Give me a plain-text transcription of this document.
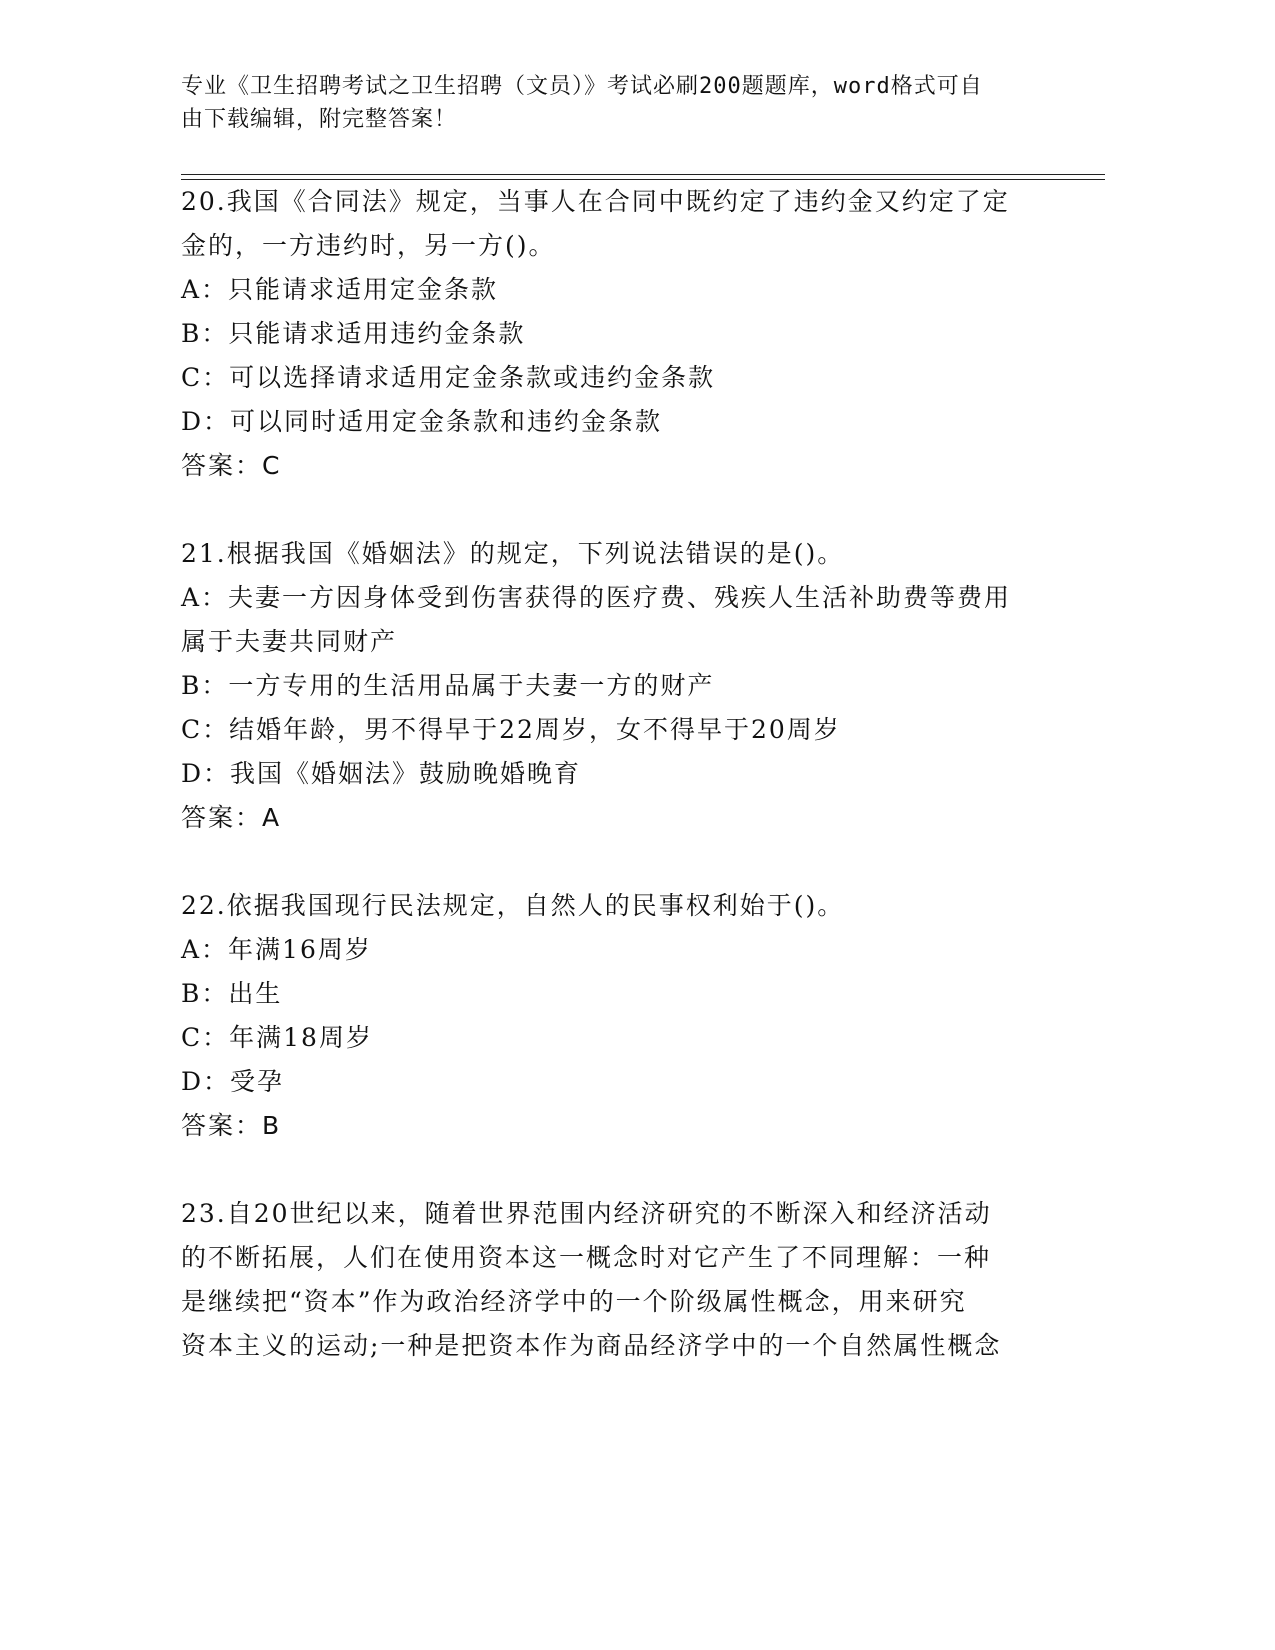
专业《卫生招聘考试之卫生招聘（文员）》考试必刷200题题库，word格式可自
由下载编辑，附完整答案！
20.我国《合同法》规定，当事人在合同中既约定了违约金又约定了定
金的，一方违约时，另一方()。
A：只能请求适用定金条款
B：只能请求适用违约金条款
C：可以选择请求适用定金条款或违约金条款
D：可以同时适用定金条款和违约金条款
答案：C
21.根据我国《婚姻法》的规定，下列说法错误的是()。
A：夫妻一方因身体受到伤害获得的医疗费、残疾人生活补助费等费用
属于夫妻共同财产
B：一方专用的生活用品属于夫妻一方的财产
C：结婚年龄，男不得早于22周岁，女不得早于20周岁
D：我国《婚姻法》鼓励晚婚晚育
答案：A
22.依据我国现行民法规定，自然人的民事权利始于()。
A：年满16周岁
B：出生
C：年满18周岁
D：受孕
答案：B
23.自20世纪以来，随着世界范围内经济研究的不断深入和经济活动
的不断拓展，人们在使用资本这一概念时对它产生了不同理解：一种
是继续把“资本”作为政治经济学中的一个阶级属性概念，用来研究
资本主义的运动;一种是把资本作为商品经济学中的一个自然属性概念
